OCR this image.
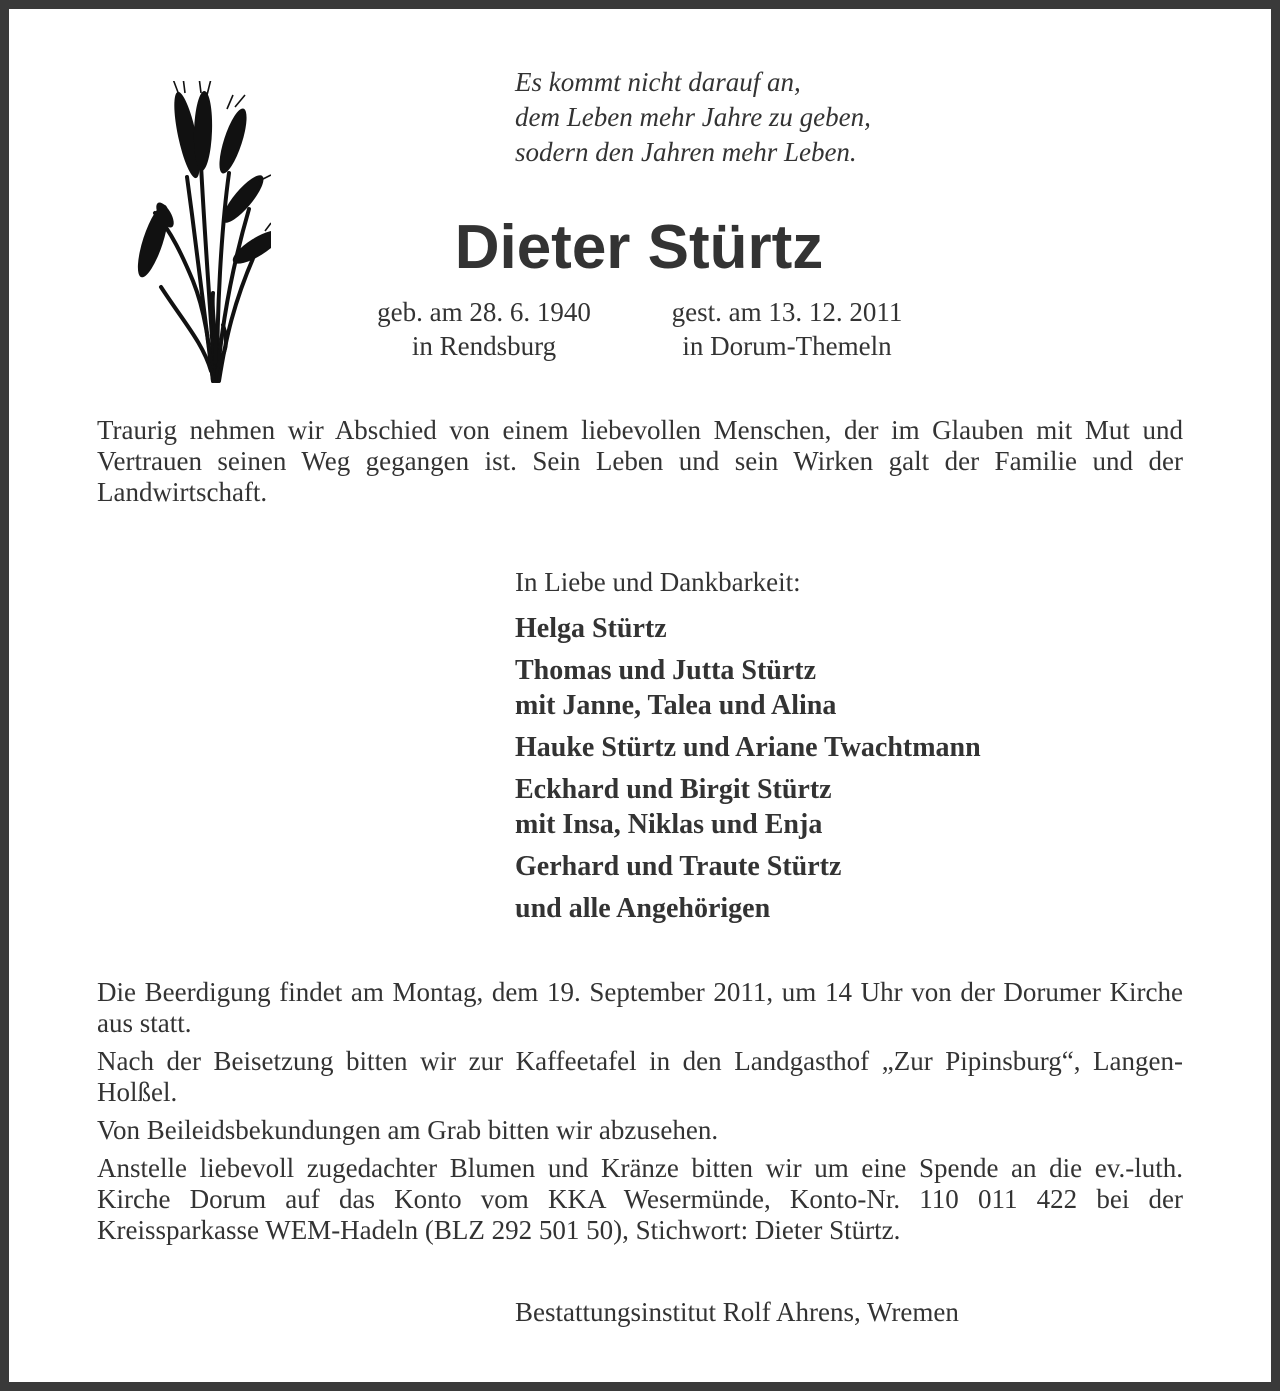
Es kommt nicht darauf an,
dem Leben mehr Jahre zu geben,
sodern den Jahren mehr Leben.
Dieter Stürtz
geb. am 28. 6. 1940
in Rendsburg
gest. am 13. 12. 2011
in Dorum-Themeln
Traurig nehmen wir Abschied von einem liebevollen Menschen, der im Glauben mit Mut und Vertrauen seinen Weg gegangen ist. Sein Leben und sein Wirken galt der Familie und der Landwirtschaft.
In Liebe und Dankbarkeit:
Helga Stürtz
Thomas und Jutta Stürtz
mit Janne, Talea und Alina
Hauke Stürtz und Ariane Twachtmann
Eckhard und Birgit Stürtz
mit Insa, Niklas und Enja
Gerhard und Traute Stürtz
und alle Angehörigen
Die Beerdigung findet am Montag, dem 19. September 2011, um 14 Uhr von der Dorumer Kirche aus statt.
Nach der Beisetzung bitten wir zur Kaffeetafel in den Landgasthof „Zur Pipinsburg“, Langen-Holßel.
Von Beileidsbekundungen am Grab bitten wir abzusehen.
Anstelle liebevoll zugedachter Blumen und Kränze bitten wir um eine Spende an die ev.-luth. Kirche Dorum auf das Konto vom KKA Wesermünde, Konto-Nr. 110 011 422 bei der Kreissparkasse WEM-Hadeln (BLZ 292 501 50), Stichwort: Dieter Stürtz.
Bestattungsinstitut Rolf Ahrens, Wremen
